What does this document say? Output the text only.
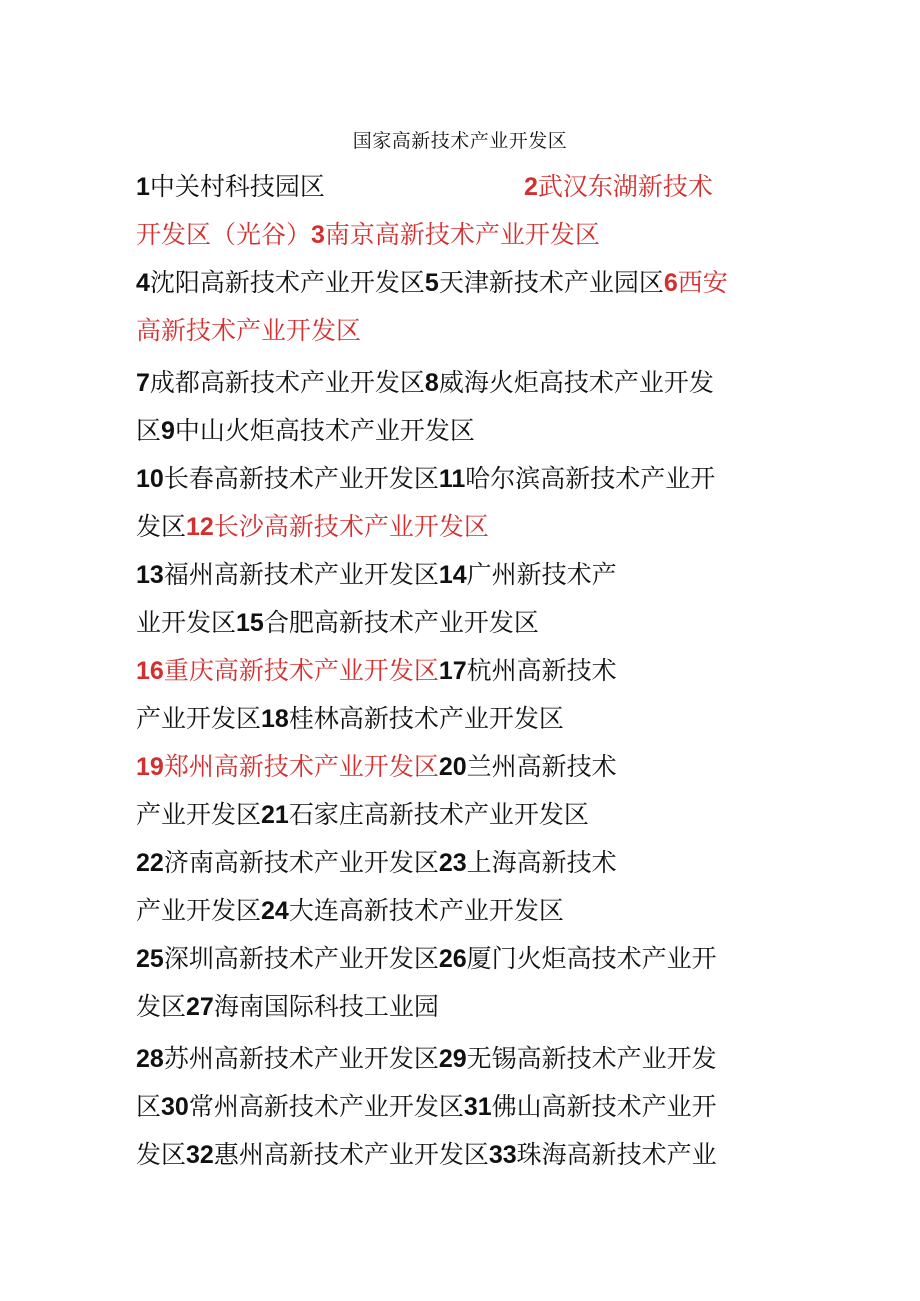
国家高新技术产业开发区
1中关村科技园区	2武汉东湖新技术
开发区（光谷）3南京高新技术产业开发区
4沈阳高新技术产业开发区5天津新技术产业园区6西安
高新技术产业开发区
7成都高新技术产业开发区8威海火炬高技术产业开发
区9中山火炬高技术产业开发区
10长春高新技术产业开发区11哈尔滨高新技术产业开
发区12长沙高新技术产业开发区
13福州高新技术产业开发区14广州新技术产
业开发区15合肥高新技术产业开发区
16重庆高新技术产业开发区17杭州高新技术
产业开发区18桂林高新技术产业开发区
19郑州高新技术产业开发区20兰州高新技术
产业开发区21石家庄高新技术产业开发区
22济南高新技术产业开发区23上海高新技术
产业开发区24大连高新技术产业开发区
25深圳高新技术产业开发区26厦门火炬高技术产业开
发区27海南国际科技工业园
28苏州高新技术产业开发区29无锡高新技术产业开发
区30常州高新技术产业开发区31佛山高新技术产业开
发区32惠州高新技术产业开发区33珠海高新技术产业
